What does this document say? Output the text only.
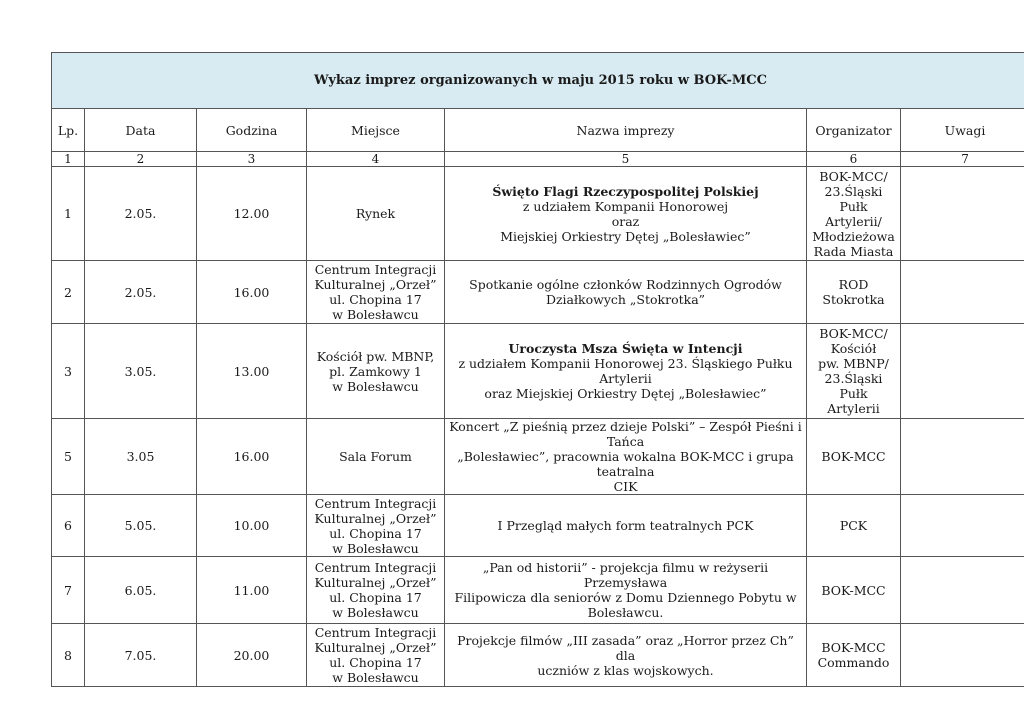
Wykaz imprez organizowanych w maju 2015 roku w BOK-MCC						
Lp.	Data	Godzina	Miejsce	Nazwa imprezy	Organizator	Uwagi
1	2	3	4	5	6	7
1	2.05.	12.00	Rynek	Święto Flagi Rzeczypospolitej Polskiej
z udziałem Kompanii Honorowej
oraz
Miejskiej Orkiestry Dętej „Bolesławiec”	BOK-MCC/
23.Śląski Pułk
Artylerii/
Młodzieżowa
Rada Miasta	

2	2.05.	16.00	Centrum Integracji
Kulturalnej „Orzeł”
ul. Chopina 17
w Bolesławcu	Spotkanie ogólne członków Rodzinnych Ogrodów
Działkowych „Stokrotka”	ROD Stokrotka	

3	3.05.	13.00	Kościół pw. MBNP,
pl. Zamkowy 1
w Bolesławcu	Uroczysta Msza Święta w Intencji
z udziałem Kompanii Honorowej 23. Śląskiego Pułku Artylerii
oraz Miejskiej Orkiestry Dętej „Bolesławiec”	BOK-MCC/
Kościół
pw. MBNP/
23.Śląski Pułk
Artylerii	

5	3.05	16.00	Sala Forum	Koncert „Z pieśnią przez dzieje Polski” – Zespół Pieśni i Tańca
„Bolesławiec”, pracownia wokalna BOK-MCC i grupa teatralna
CIK	BOK-MCC	

6	5.05.	10.00	Centrum Integracji
Kulturalnej „Orzeł”
ul. Chopina 17
w Bolesławcu	I Przegląd małych form teatralnych PCK	PCK	

7	6.05.	11.00	Centrum Integracji
Kulturalnej „Orzeł”
ul. Chopina 17
w Bolesławcu	„Pan od historii” - projekcja filmu w reżyserii Przemysława
Filipowicza dla seniorów z Domu Dziennego Pobytu w
Bolesławcu.	BOK-MCC	

8	7.05.	20.00	Centrum Integracji
Kulturalnej „Orzeł”
ul. Chopina 17
w Bolesławcu	Projekcje filmów „III zasada” oraz „Horror przez Ch” dla
uczniów z klas wojskowych.	BOK-MCC
Commando	
